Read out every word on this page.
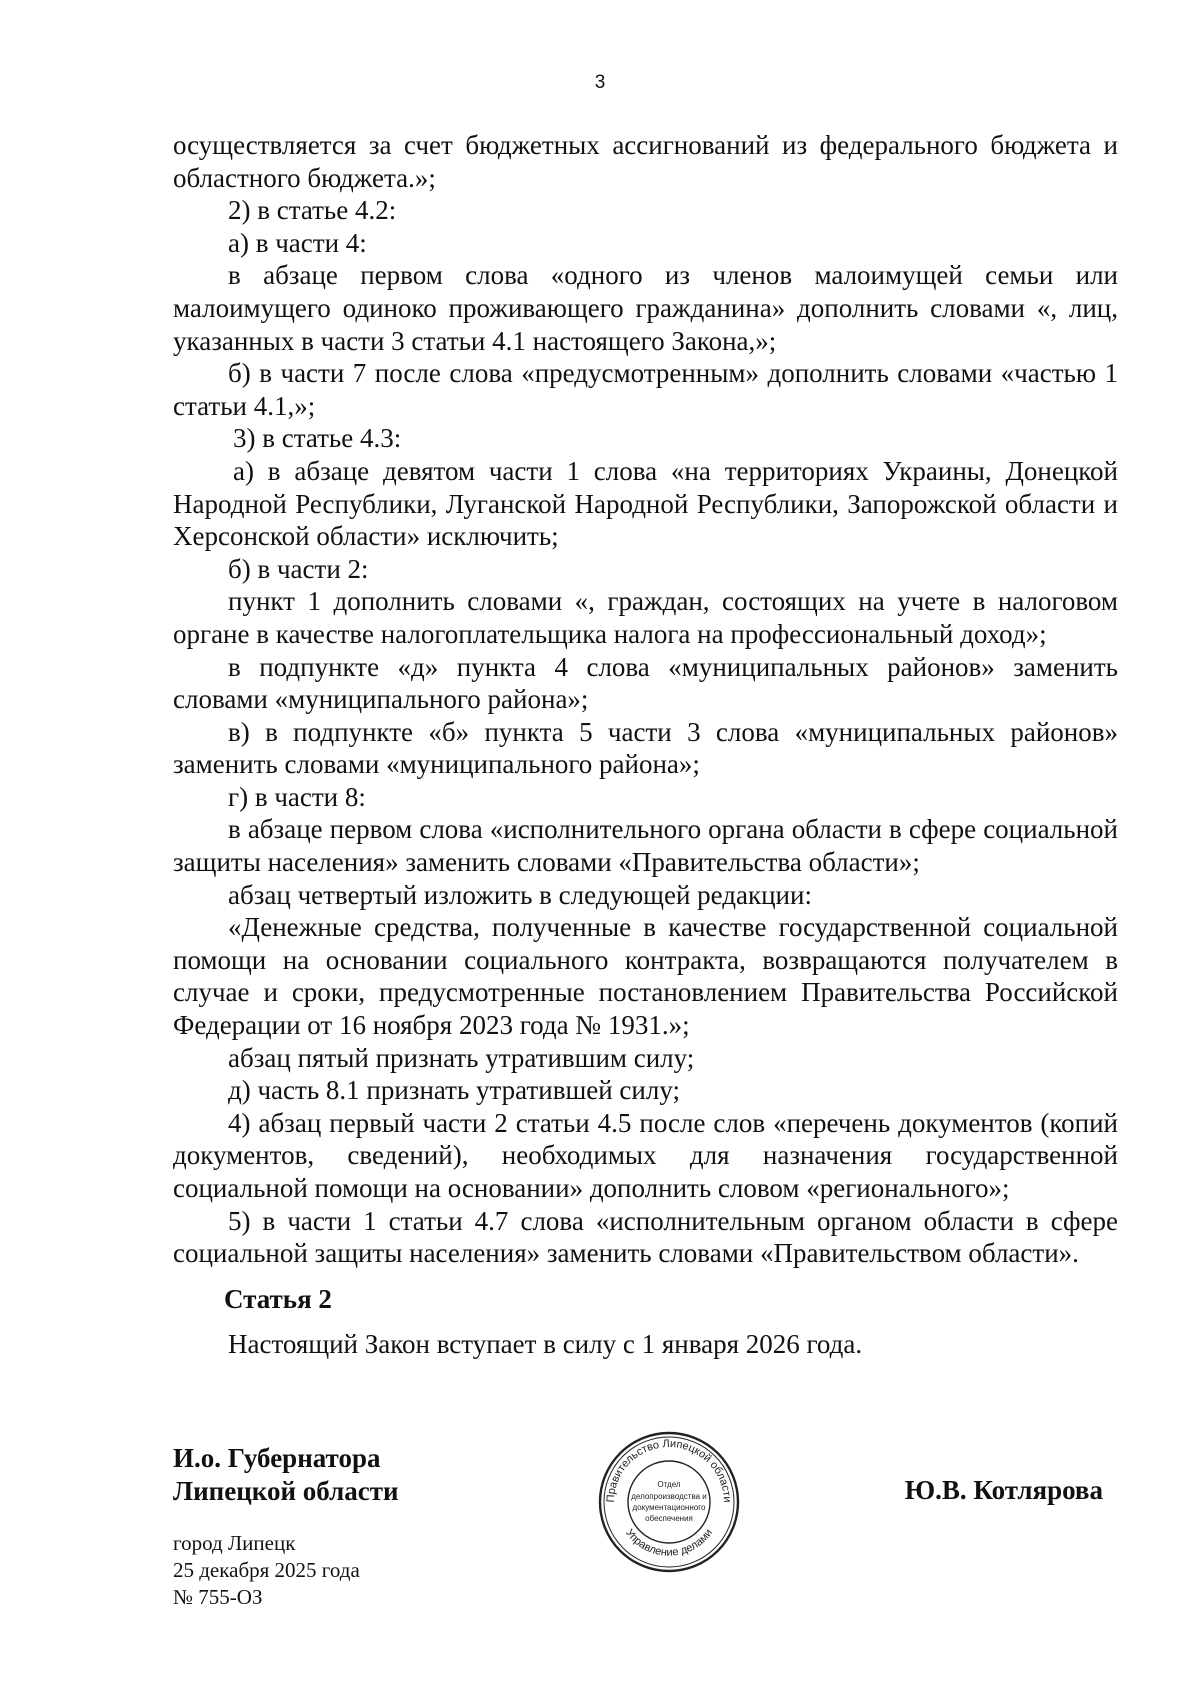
3

осуществляется за счет бюджетных ассигнований из федерального бюджета и областного бюджета.»;

2) в статье 4.2:

а) в части 4:

в абзаце первом слова «одного из членов малоимущей семьи или малоимущего одиноко проживающего гражданина» дополнить словами «, лиц, указанных в части 3 статьи 4.1 настоящего Закона,»;

б) в части 7 после слова «предусмотренным» дополнить словами «частью 1 статьи 4.1,»;

3) в статье 4.3:

а) в абзаце девятом части 1 слова «на территориях Украины, Донецкой Народной Республики, Луганской Народной Республики, Запорожской области и Херсонской области» исключить;

б) в части 2:

пункт 1 дополнить словами «, граждан, состоящих на учете в налоговом органе в качестве налогоплательщика налога на профессиональный доход»;

в подпункте «д» пункта 4 слова «муниципальных районов» заменить словами «муниципального района»;

в) в подпункте «б» пункта 5 части 3 слова «муниципальных районов» заменить словами «муниципального района»;

г) в части 8:

в абзаце первом слова «исполнительного органа области в сфере социальной защиты населения» заменить словами «Правительства области»;

абзац четвертый изложить в следующей редакции:

«Денежные средства, полученные в качестве государственной социальной помощи на основании социального контракта, возвращаются получателем в случае и сроки, предусмотренные постановлением Правительства Российской Федерации от 16 ноября 2023 года № 1931.»;

абзац пятый признать утратившим силу;

д) часть 8.1 признать утратившей силу;

4) абзац первый части 2 статьи 4.5 после слов «перечень документов (копий документов, сведений), необходимых для назначения государственной социальной помощи на основании» дополнить словом «регионального»;

5) в части 1 статьи 4.7 слова «исполнительным органом области в сфере социальной защиты населения» заменить словами «Правительством области».

Статья 2

Настоящий Закон вступает в силу с 1 января 2026 года.

И.о. Губернатора
Липецкой области	Правительство Липецкой области
Управление делами
Отдел
делопроизводства и
документационного
обеспечения
Ю.В. Котлярова
город Липецк
25 декабря 2025 года
№ 755-ОЗ
